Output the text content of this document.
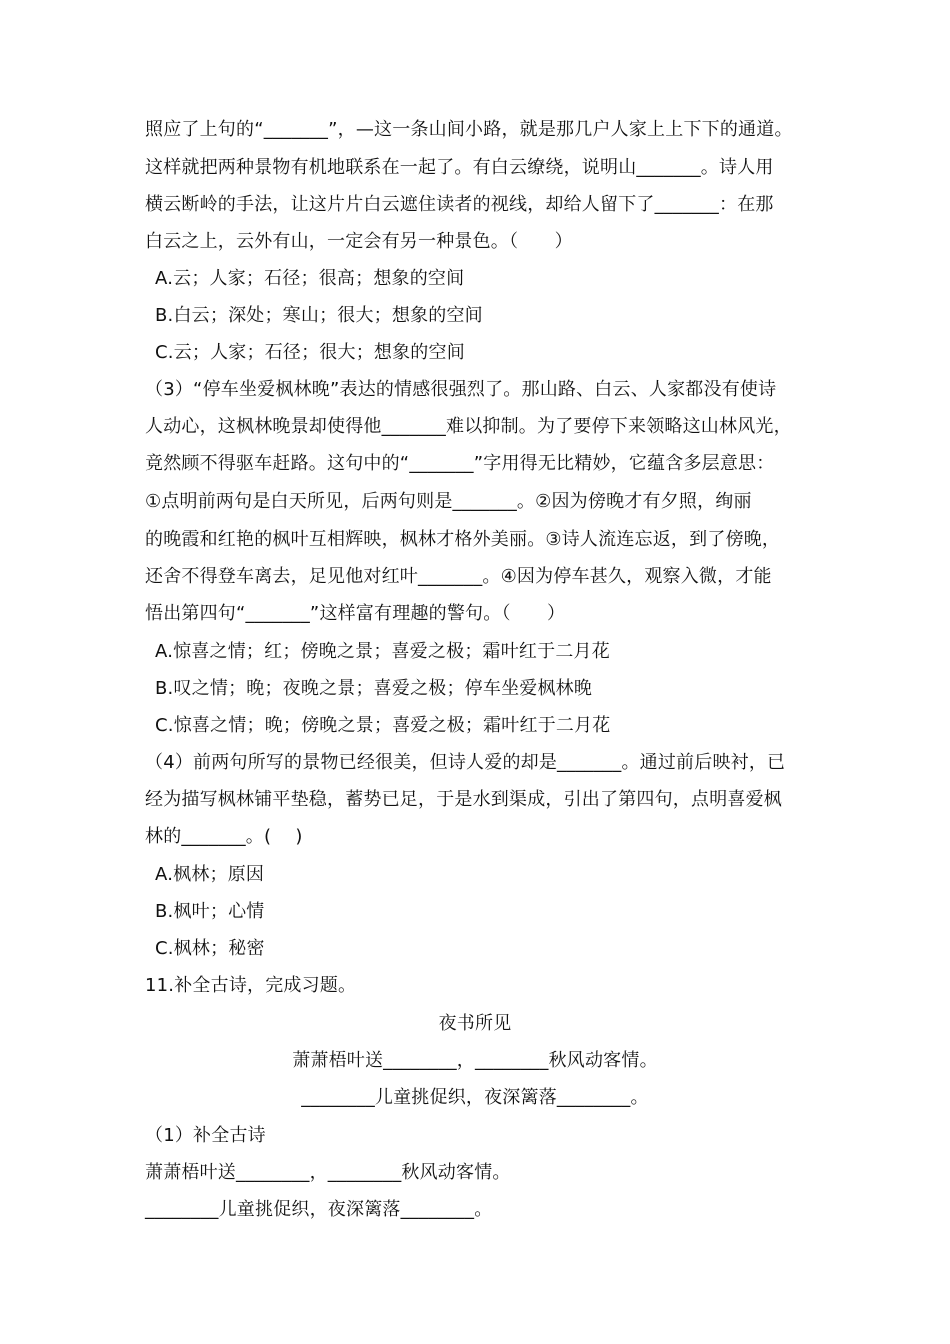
照应了上句的“_______”，—这一条山间小路，就是那几户人家上上下下的通道。
这样就把两种景物有机地联系在一起了。有白云缭绕，说明山_______。诗人用
横云断岭的手法，让这片片白云遮住读者的视线，却给人留下了_______：在那
白云之上，云外有山，一定会有另一种景色。（　　）
A.云；人家；石径；很高；想象的空间
B.白云；深处；寒山；很大；想象的空间
C.云；人家；石径；很大；想象的空间
（3）“停车坐爱枫林晚”表达的情感很强烈了。那山路、白云、人家都没有使诗
人动心，这枫林晚景却使得他_______难以抑制。为了要停下来领略这山林风光，
竟然顾不得驱车赶路。这句中的“_______”字用得无比精妙，它蕴含多层意思：
①点明前两句是白天所见，后两句则是_______。②因为傍晚才有夕照，绚丽
的晚霞和红艳的枫叶互相辉映，枫林才格外美丽。③诗人流连忘返，到了傍晚，
还舍不得登车离去，足见他对红叶_______。④因为停车甚久，观察入微，才能
悟出第四句“_______”这样富有理趣的警句。（　　）
A.惊喜之情；红；傍晚之景；喜爱之极；霜叶红于二月花
B.叹之情；晚；夜晚之景；喜爱之极；停车坐爱枫林晚
C.惊喜之情；晚；傍晚之景；喜爱之极；霜叶红于二月花
（4）前两句所写的景物已经很美，但诗人爱的却是_______。通过前后映衬，已
经为描写枫林铺平垫稳，蓄势已足，于是水到渠成，引出了第四句，点明喜爱枫
林的_______。(　 )
A.枫林；原因
B.枫叶；心情
C.枫林；秘密
11.补全古诗，完成习题。
夜书所见
萧萧梧叶送________，________秋风动客情。
________儿童挑促织，夜深篱落________。
（1）补全古诗
萧萧梧叶送________，________秋风动客情。
________儿童挑促织，夜深篱落________。
